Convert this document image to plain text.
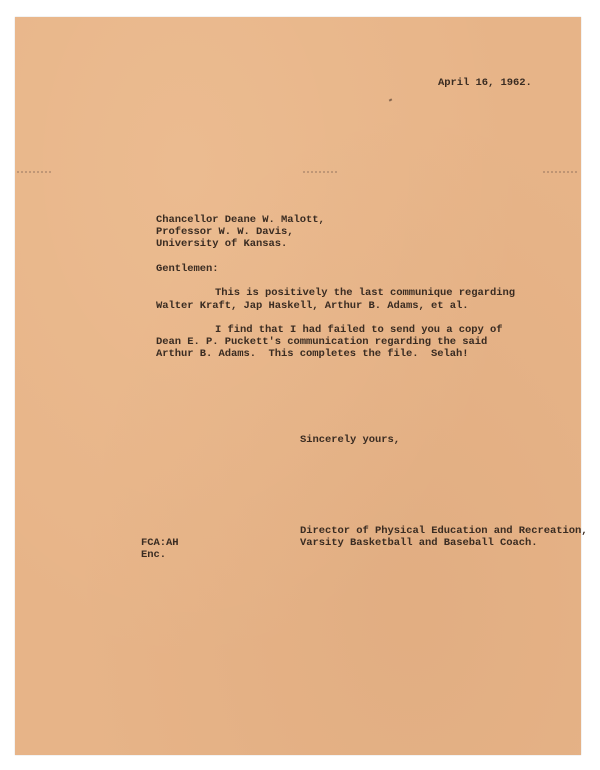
April 16, 1962.

Chancellor Deane W. Malott,

Professor W. W. Davis,

University of Kansas.

Gentlemen:

This is positively the last communique regarding

Walter Kraft, Jap Haskell, Arthur B. Adams, et al.

I find that I had failed to send you a copy of

Dean E. P. Puckett's communication regarding the said

Arthur B. Adams.  This completes the file.  Selah!

Sincerely yours,

Director of Physical Education and Recreation,

Varsity Basketball and Baseball Coach.

FCA:AH

Enc.
